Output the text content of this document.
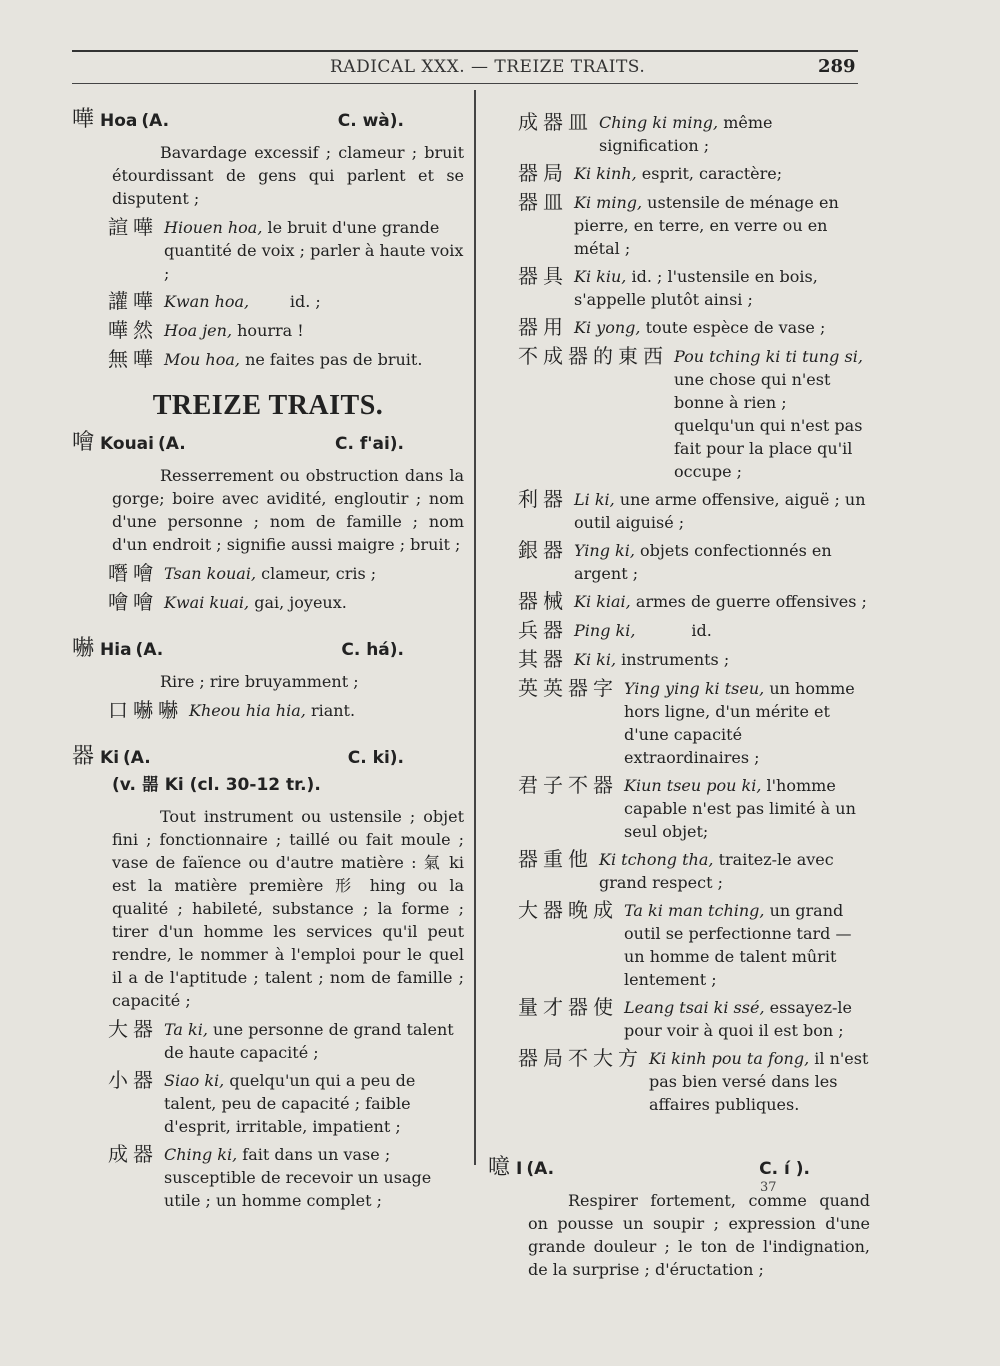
RADICAL XXX. — TREIZE TRAITS.	289
嘩 Hoa (A.	C. wà).
Bavardage excessif ; clameur ; bruit étourdissant de gens qui parlent et se disputent ;
諠嘩 Hiouen hoa, le bruit d'une grande quantité de voix ; parler à haute voix ;
讙嘩 Kwan hoa,	id. ;
嘩然 Hoa jen, hourra !
無嘩 Mou hoa, ne faites pas de bruit.
TREIZE TRAITS.
噲 Kouai (A.	C. f'ai).
Resserrement ou obstruction dans la gorge; boire avec avidité, engloutir ; nom d'une personne ; nom de famille ; nom d'un endroit ; signifie aussi maigre ; bruit ;
噆噲 Tsan kouai, clameur, cris ;
噲噲 Kwai kuai, gai, joyeux.
嚇 Hia (A.	C. há).
Rire ; rire bruyamment ;
口嚇嚇 Kheou hia hia, riant.
器 Ki (A.	C. ki).
(v. 噐 Ki (cl. 30-12 tr.).
Tout instrument ou ustensile ; objet fini ; fonctionnaire ; taillé ou fait moule ; vase de faïence ou d'autre matière : 氣 ki est la matière première 形 hing ou la qualité ; habileté, substance ; la forme ; tirer d'un homme les services qu'il peut rendre, le nommer à l'emploi pour le quel il a de l'aptitude ; talent ; nom de famille ; capacité ;
大器 Ta ki, une personne de grand talent de haute capacité ;
小器 Siao ki, quelqu'un qui a peu de talent, peu de capacité ; faible d'esprit, irritable, impatient ;
成器 Ching ki, fait dans un vase ; susceptible de recevoir un usage utile ; un homme complet ;
成器皿 Ching ki ming, même signification ;
器局 Ki kinh, esprit, caractère;
器皿 Ki ming, ustensile de ménage en pierre, en terre, en verre ou en métal ;
器具 Ki kiu, id. ; l'ustensile en bois, s'appelle plutôt ainsi ;
器用 Ki yong, toute espèce de vase ;
不成器的東西 Pou tching ki ti tung si, une chose qui n'est bonne à rien ; quelqu'un qui n'est pas fait pour la place qu'il occupe ;
利器 Li ki, une arme offensive, aiguë ; un outil aiguisé ;
銀器 Ying ki, objets confectionnés en argent ;
器械 Ki kiai, armes de guerre offensives ;
兵器 Ping ki,	id.
其器 Ki ki, instruments ;
英英器字 Ying ying ki tseu, un homme hors ligne, d'un mérite et d'une capacité extraordinaires ;
君子不器 Kiun tseu pou ki, l'homme capable n'est pas limité à un seul objet;
器重他 Ki tchong tha, traitez-le avec grand respect ;
大器晚成 Ta ki man tching, un grand outil se perfectionne tard — un homme de talent mûrit lentement ;
量才器使 Leang tsai ki ssé, essayez-le pour voir à quoi il est bon ;
器局不大方 Ki kinh pou ta fong, il n'est pas bien versé dans les affaires publiques.
噫 I (A.	C. í ).
Respirer fortement, comme quand on pousse un soupir ; expression d'une grande douleur ; le ton de l'indignation, de la surprise ; d'éructation ;
37
